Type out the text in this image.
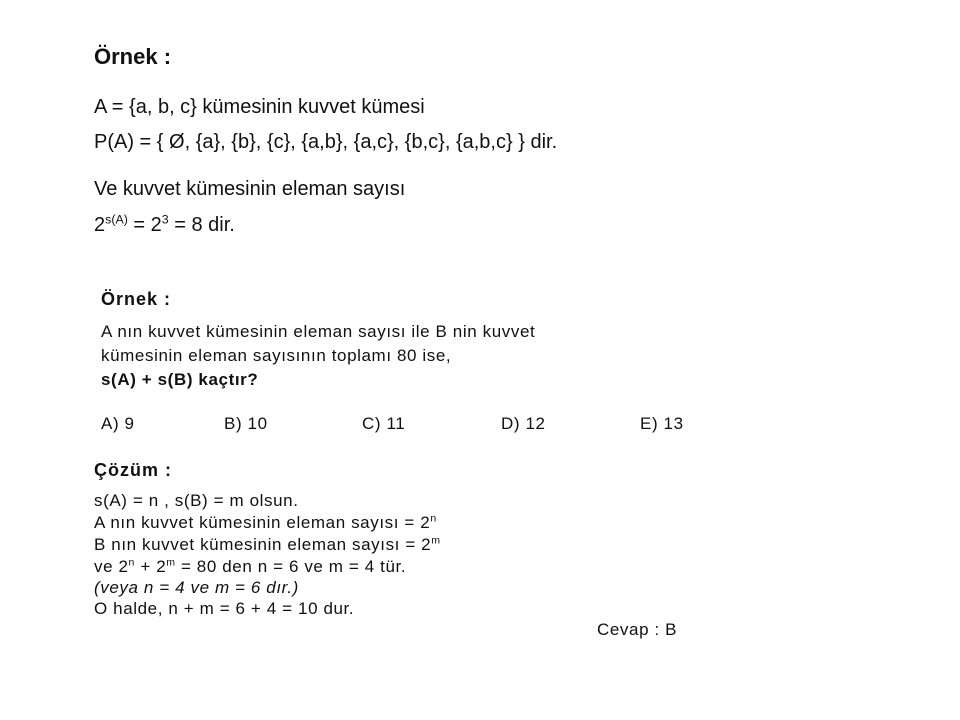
Örnek :
A = {a, b, c} kümesinin kuvvet kümesi
P(A) = { Ø, {a}, {b}, {c}, {a,b}, {a,c}, {b,c}, {a,b,c} } dir.
Ve kuvvet kümesinin eleman sayısı
$2^{s(A)} = 2^3 = 8$ dir.
Örnek :
A nın kuvvet kümesinin eleman sayısı ile B nin kuvvet
kümesinin eleman sayısının toplamı 80 ise,
s(A) + s(B) kaçtır?
A) 9	B) 10	C) 11	D) 12	E) 13
Çözüm :
s(A) = n , s(B) = m olsun.
A nın kuvvet kümesinin eleman sayısı = $2^n$
B nın kuvvet kümesinin eleman sayısı = $2^m$
ve $2^n + 2^m = 80$ den n = 6 ve m = 4 tür.
(veya n = 4 ve m = 6 dır.)
O halde, n + m = 6 + 4 = 10 dur.
Cevap : B
